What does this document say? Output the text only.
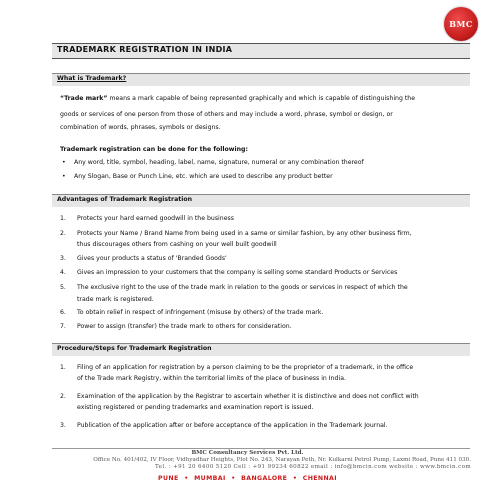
BMC
TRADEMARK REGISTRATION IN INDIA
What is Trademark?
“Trade mark” means a mark capable of being represented graphically and which is capable of distinguishing the
goods or services of one person from those of others and may include a word, phrase, symbol or design, or
combination of words, phrases, symbols or designs.
Trademark registration can be done for the following:
• Any word, title, symbol, heading, label, name, signature, numeral or any combination thereof
• Any Slogan, Base or Punch Line, etc. which are used to describe any product better
Advantages of Trademark Registration
1. Protects your hard earned goodwill in the business
2. Protects your Name / Brand Name from being used in a same or similar fashion, by any other business firm,
thus discourages others from cashing on your well built goodwill
3. Gives your products a status of 'Branded Goods'
4. Gives an impression to your customers that the company is selling some standard Products or Services
5. The exclusive right to the use of the trade mark in relation to the goods or services in respect of which the
trade mark is registered.
6. To obtain relief in respect of infringement (misuse by others) of the trade mark.
7. Power to assign (transfer) the trade mark to others for consideration.
Procedure/Steps for Trademark Registration
1. Filing of an application for registration by a person claiming to be the proprietor of a trademark, in the office
of the Trade mark Registry, within the territorial limits of the place of business in India.
2. Examination of the application by the Registrar to ascertain whether it is distinctive and does not conflict with
existing registered or pending trademarks and examination report is issued.
3. Publication of the application after or before acceptance of the application in the Trademark Journal.
BMC Consultancy Services Pvt. Ltd.
Office No. 401/402, IV Floor, Vidhyadhar Heights, Plot No. 243, Narayan Peth, Nr. Kulkarni Petrol Pump, Laxmi Road, Pune 411 030.
Tel. : +91 20 6400 5120 Cell : +91 99234 60822 email : info@bmcin.com website : www.bmcin.com
PUNE • MUMBAI • BANGALORE • CHENNAI
